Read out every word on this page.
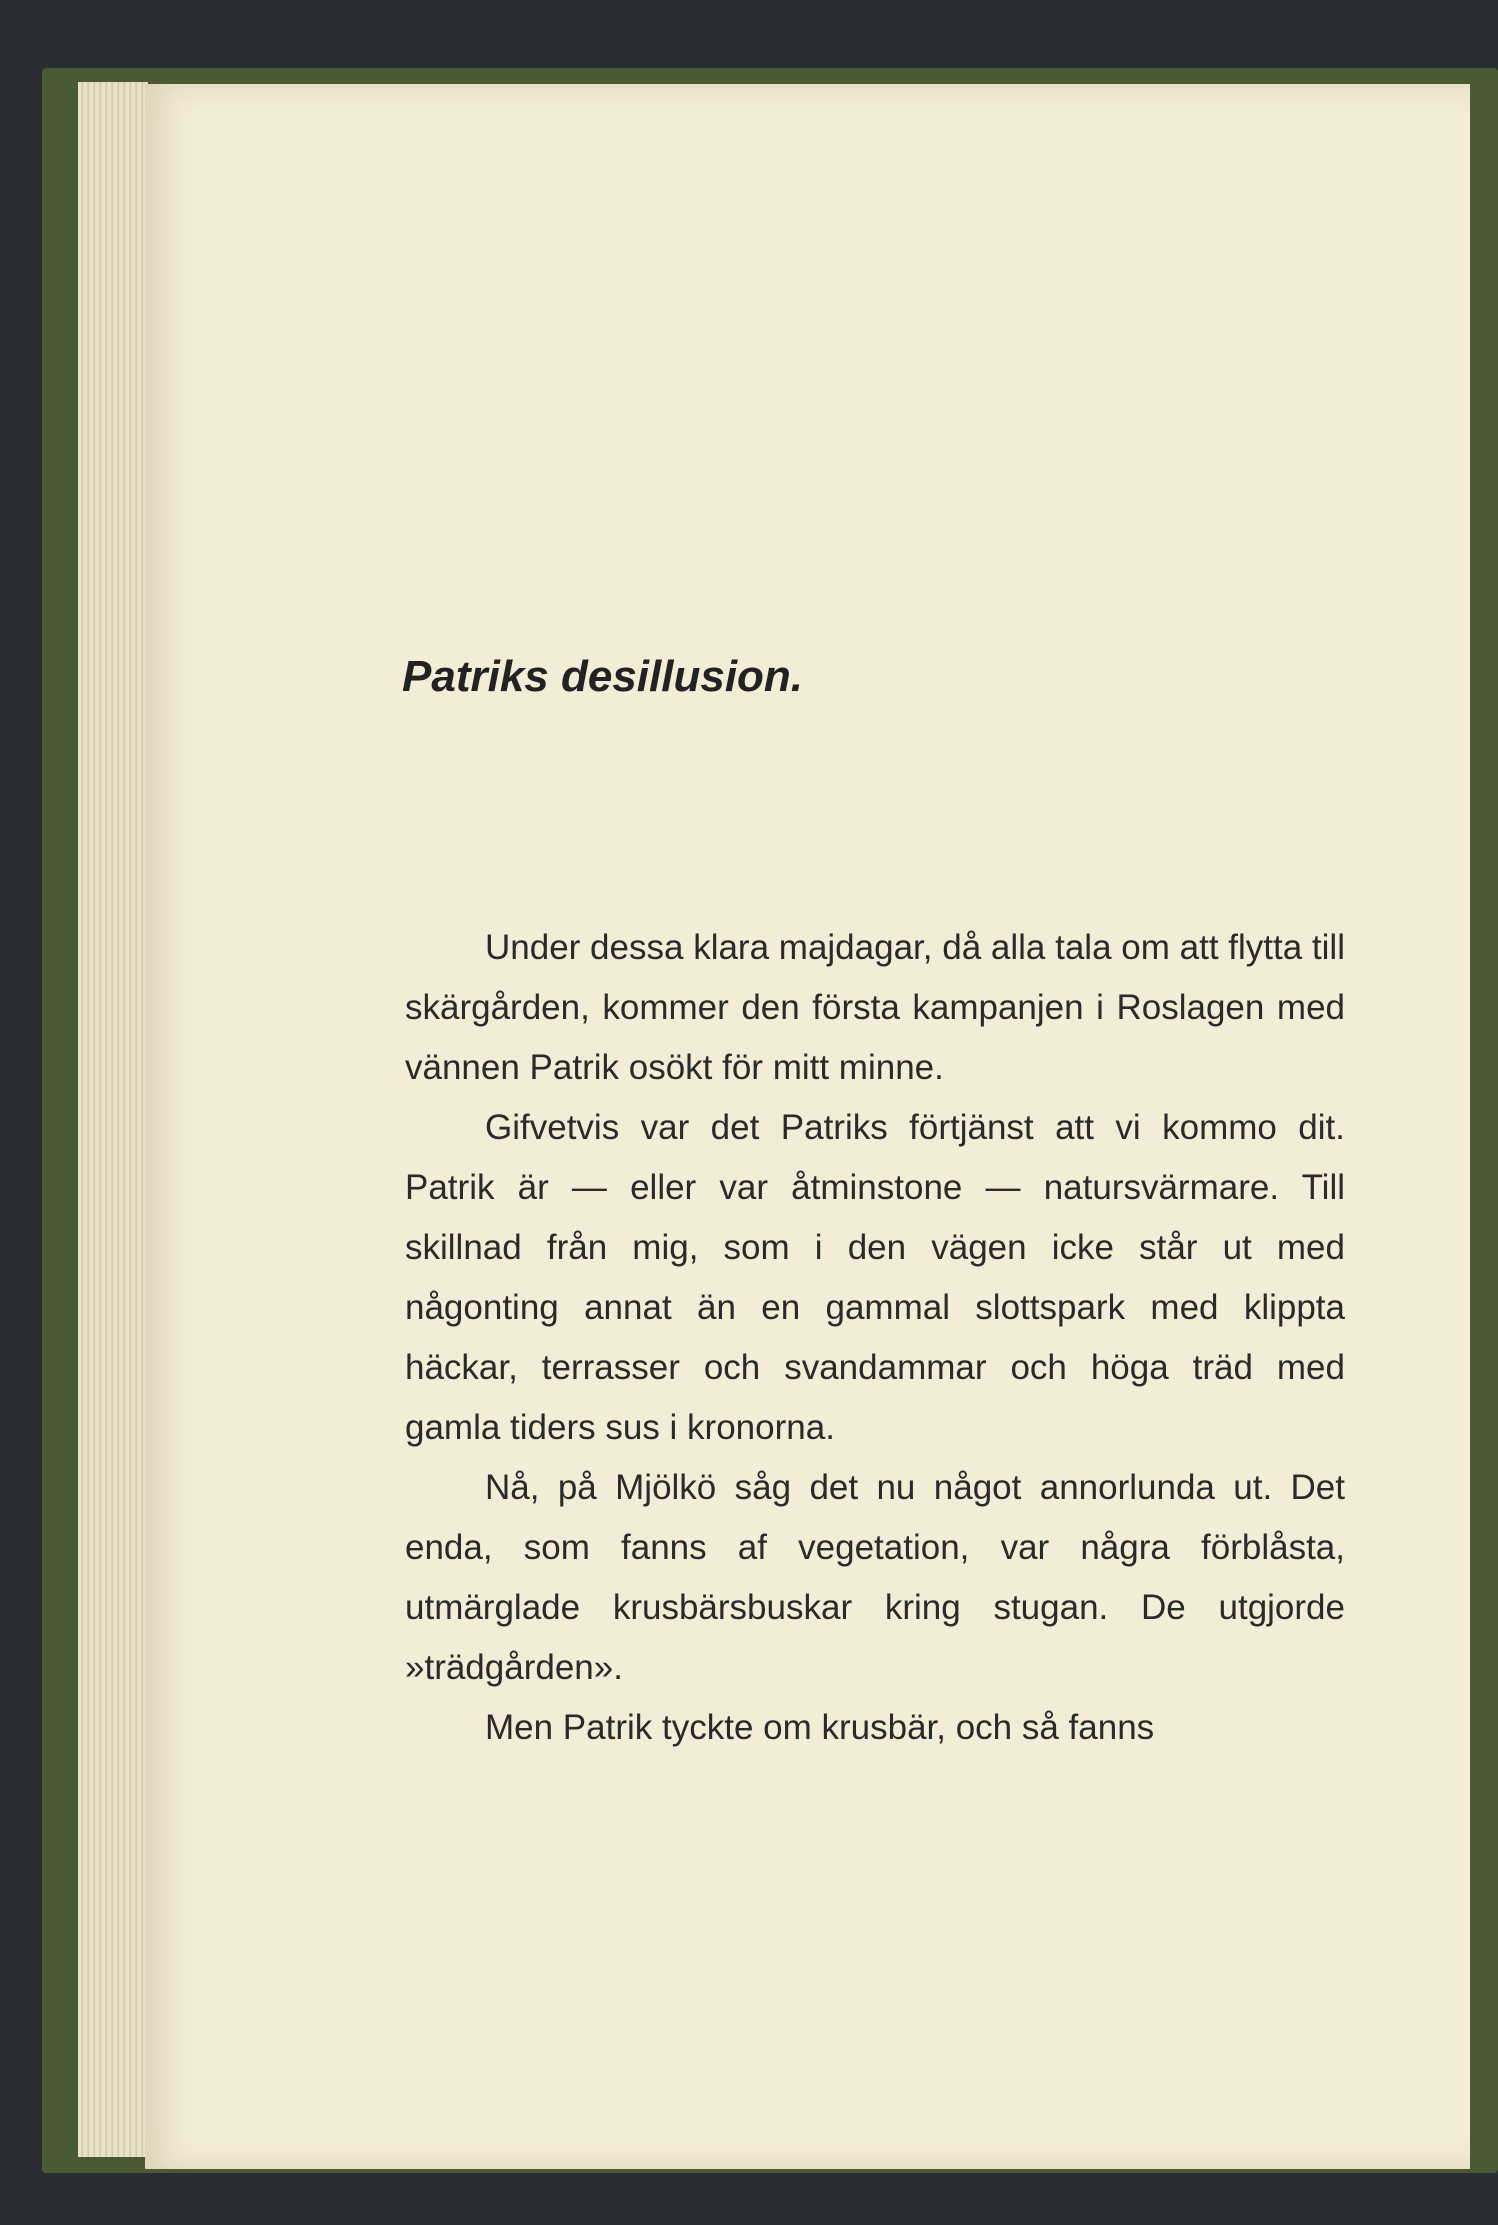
Patriks desillusion.

Under dessa klara majdagar, då alla tala om att flytta till skärgården, kommer den första kampanjen i Roslagen med vännen Patrik osökt för mitt minne.

Gifvetvis var det Patriks förtjänst att vi kommo dit. Patrik är — eller var åtminstone — natursvärmare. Till skillnad från mig, som i den vägen icke står ut med någonting annat än en gammal slottspark med klippta häckar, terrasser och svandammar och höga träd med gamla tiders sus i kronorna.

Nå, på Mjölkö såg det nu något annorlunda ut. Det enda, som fanns af vegetation, var några förblåsta, utmärglade krusbärsbuskar kring stugan. De utgjorde »trädgården».

Men Patrik tyckte om krusbär, och så fanns
